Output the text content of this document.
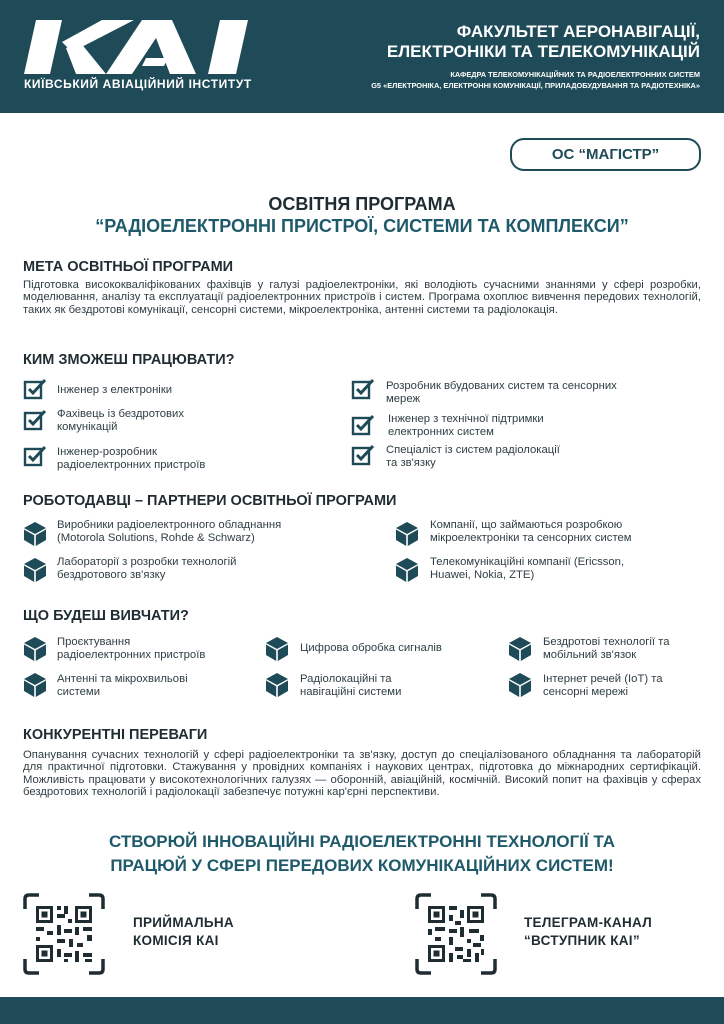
КИЇВСЬКИЙ АВІАЦІЙНИЙ ІНСТИТУТ
ФАКУЛЬТЕТ АЕРОНАВІГАЦІЇ,
ЕЛЕКТРОНІКИ ТА ТЕЛЕКОМУНІКАЦІЙ
КАФЕДРА ТЕЛЕКОМУНІКАЦІЙНИХ ТА РАДІОЕЛЕКТРОННИХ СИСТЕМ
G5 «ЕЛЕКТРОНІКА, ЕЛЕКТРОННІ КОМУНІКАЦІЇ, ПРИЛАДОБУДУВАННЯ ТА РАДІОТЕХНІКА»
ОС “МАГІСТР”
ОСВІТНЯ ПРОГРАМА
“РАДІОЕЛЕКТРОННІ ПРИСТРОЇ, СИСТЕМИ ТА КОМПЛЕКСИ”
МЕТА ОСВІТНЬОЇ ПРОГРАМИ
Підготовка висококваліфікованих фахівців у галузі радіоелектроніки, які володіють сучасними знаннями у сфері розробки, моделювання, аналізу та експлуатації радіоелектронних пристроїв і систем. Програма охоплює вивчення передових технологій, таких як бездротові комунікації, сенсорні системи, мікроелектроніка, антенні системи та радіолокація.
КИМ ЗМОЖЕШ ПРАЦЮВАТИ?
Інженер з електроніки
Фахівець із бездротових
комунікацій
Інженер-розробник
радіоелектронних пристроїв
Розробник вбудованих систем та сенсорних
мереж
Інженер з технічної підтримки
електронних систем
Спеціаліст із систем радіолокації
та зв'язку
РОБОТОДАВЦІ – ПАРТНЕРИ ОСВІТНЬОЇ ПРОГРАМИ
Виробники радіоелектронного обладнання
(Motorola Solutions, Rohde & Schwarz)
Лабораторії з розробки технологій
бездротового зв'язку
Компанії, що займаються розробкою
мікроелектроніки та сенсорних систем
Телекомунікаційні компанії (Ericsson,
Huawei, Nokia, ZTE)
ЩО БУДЕШ ВИВЧАТИ?
Проєктування
радіоелектронних пристроїв
Антенні та мікрохвильові
системи
Цифрова обробка сигналів
Радіолокаційні та
навігаційні системи
Бездротові технології та
мобільний зв'язок
Інтернет речей (IoT) та
сенсорні мережі
КОНКУРЕНТНІ ПЕРЕВАГИ
Опанування сучасних технологій у сфері радіоелектроніки та зв'язку, доступ до спеціалізованого обладнання та лабораторій для практичної підготовки. Стажування у провідних компаніях і наукових центрах, підготовка до міжнародних сертифікацій. Можливість працювати у високотехнологічних галузях — оборонній, авіаційній, космічній. Високий попит на фахівців у сферах бездротових технологій і радіолокації забезпечує потужні кар'єрні перспективи.
СТВОРЮЙ ІННОВАЦІЙНІ РАДІОЕЛЕКТРОННІ ТЕХНОЛОГІЇ ТА
ПРАЦЮЙ У СФЕРІ ПЕРЕДОВИХ КОМУНІКАЦІЙНИХ СИСТЕМ!
ПРИЙМАЛЬНА
КОМІСІЯ КАІ
ТЕЛЕГРАМ-КАНАЛ
“ВСТУПНИК КАІ”
